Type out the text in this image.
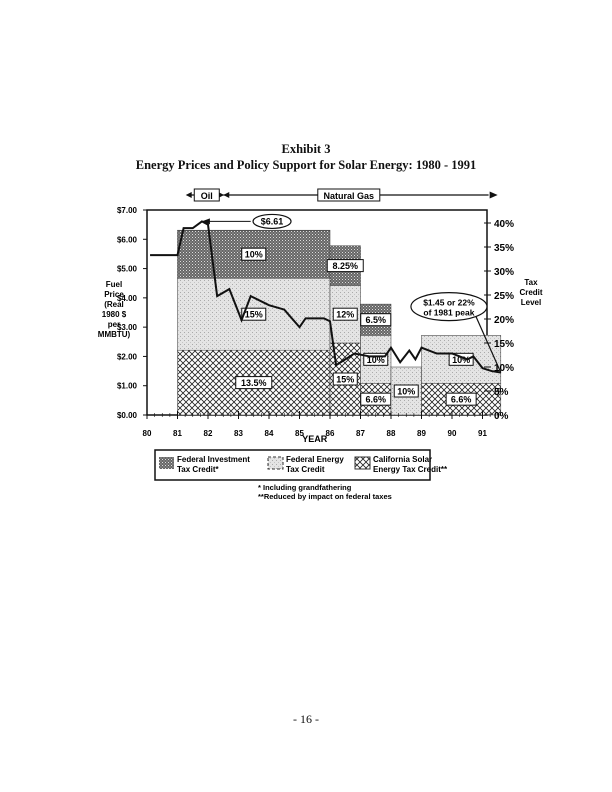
Exhibit 3
Energy Prices and Policy Support for Solar Energy: 1980 - 1991
13.5%
15%
10%
15%
12%
8.25%
6.6%
10%
6.5%
10%
6.6%
10%
$0.00
$1.00
$2.00
$3.00
$4.00
$5.00
$6.00
$7.00
0%
5%
10%
15%
20%
25%
30%
35%
40%
80	81	82	83	84	85	86	87	88	89	90	91
YEAR
Fuel
Price
(Real
1980 $
per
MMBTU)
Tax
Credit
Level
Oil	Natural Gas
$6.61
$1.45 or 22%
of 1981 peak
Federal Investment
Tax Credit*
Federal Energy
Tax Credit
California Solar
Energy Tax Credit**
* Including grandfathering
**Reduced by impact on federal taxes
- 16 -
